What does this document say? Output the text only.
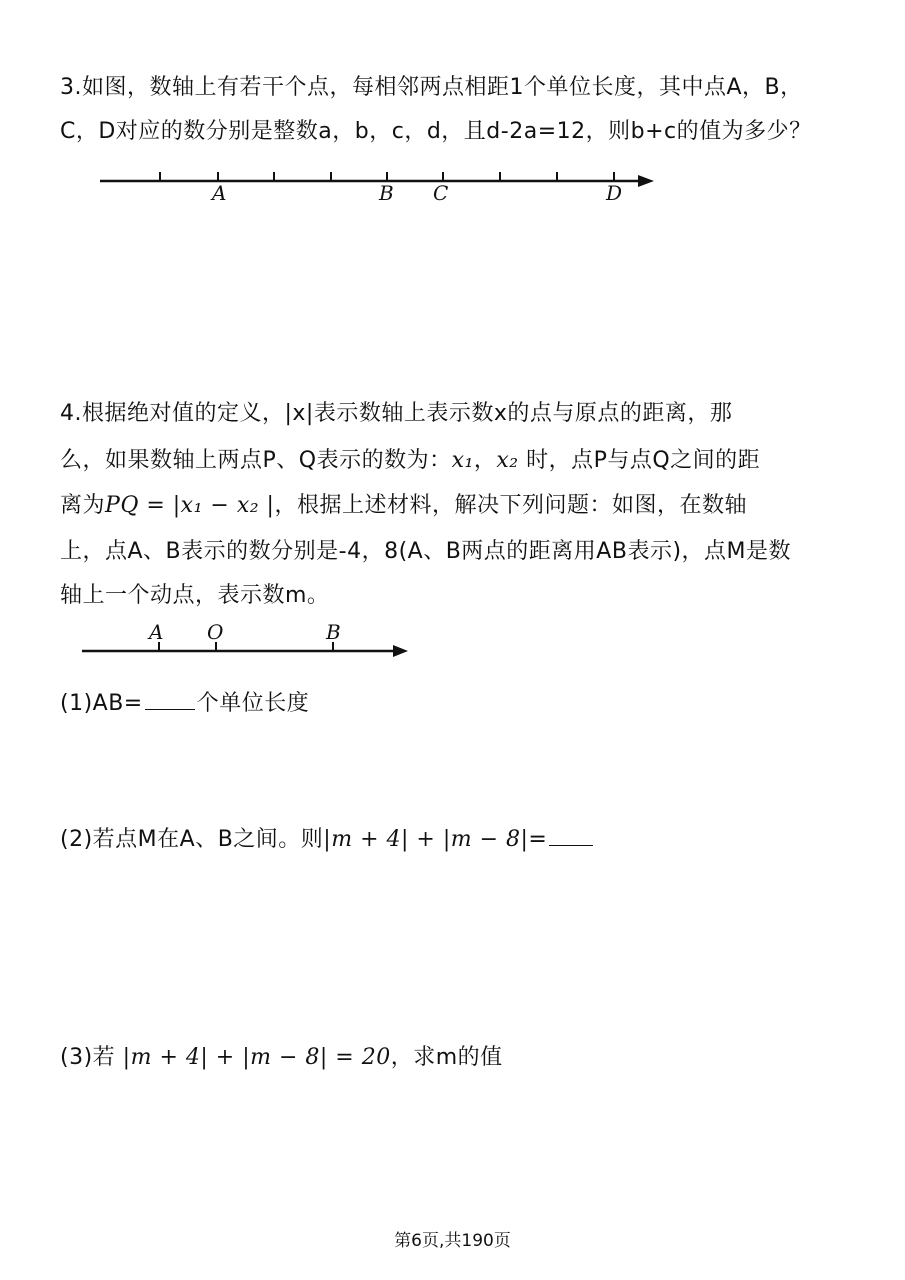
3.如图，数轴上有若干个点，每相邻两点相距1个单位长度，其中点A，B，
C，D对应的数分别是整数a，b，c，d，且d-2a=12，则b+c的值为多少？
A	B C	D
4.根据绝对值的定义，|x|表示数轴上表示数x的点与原点的距离，那
么，如果数轴上两点P、Q表示的数为：x₁，x₂ 时，点P与点Q之间的距
离为PQ = |x₁ − x₂ |，根据上述材料，解决下列问题：如图，在数轴
上，点A、B表示的数分别是-4，8(A、B两点的距离用AB表示)，点M是数
轴上一个动点，表示数m。
A O	B
(1)AB= 个单位长度
(2)若点M在A、B之间。则|m + 4| + |m − 8|=
(3)若 |m + 4| + |m − 8| = 20，求m的值
第6页,共190页
